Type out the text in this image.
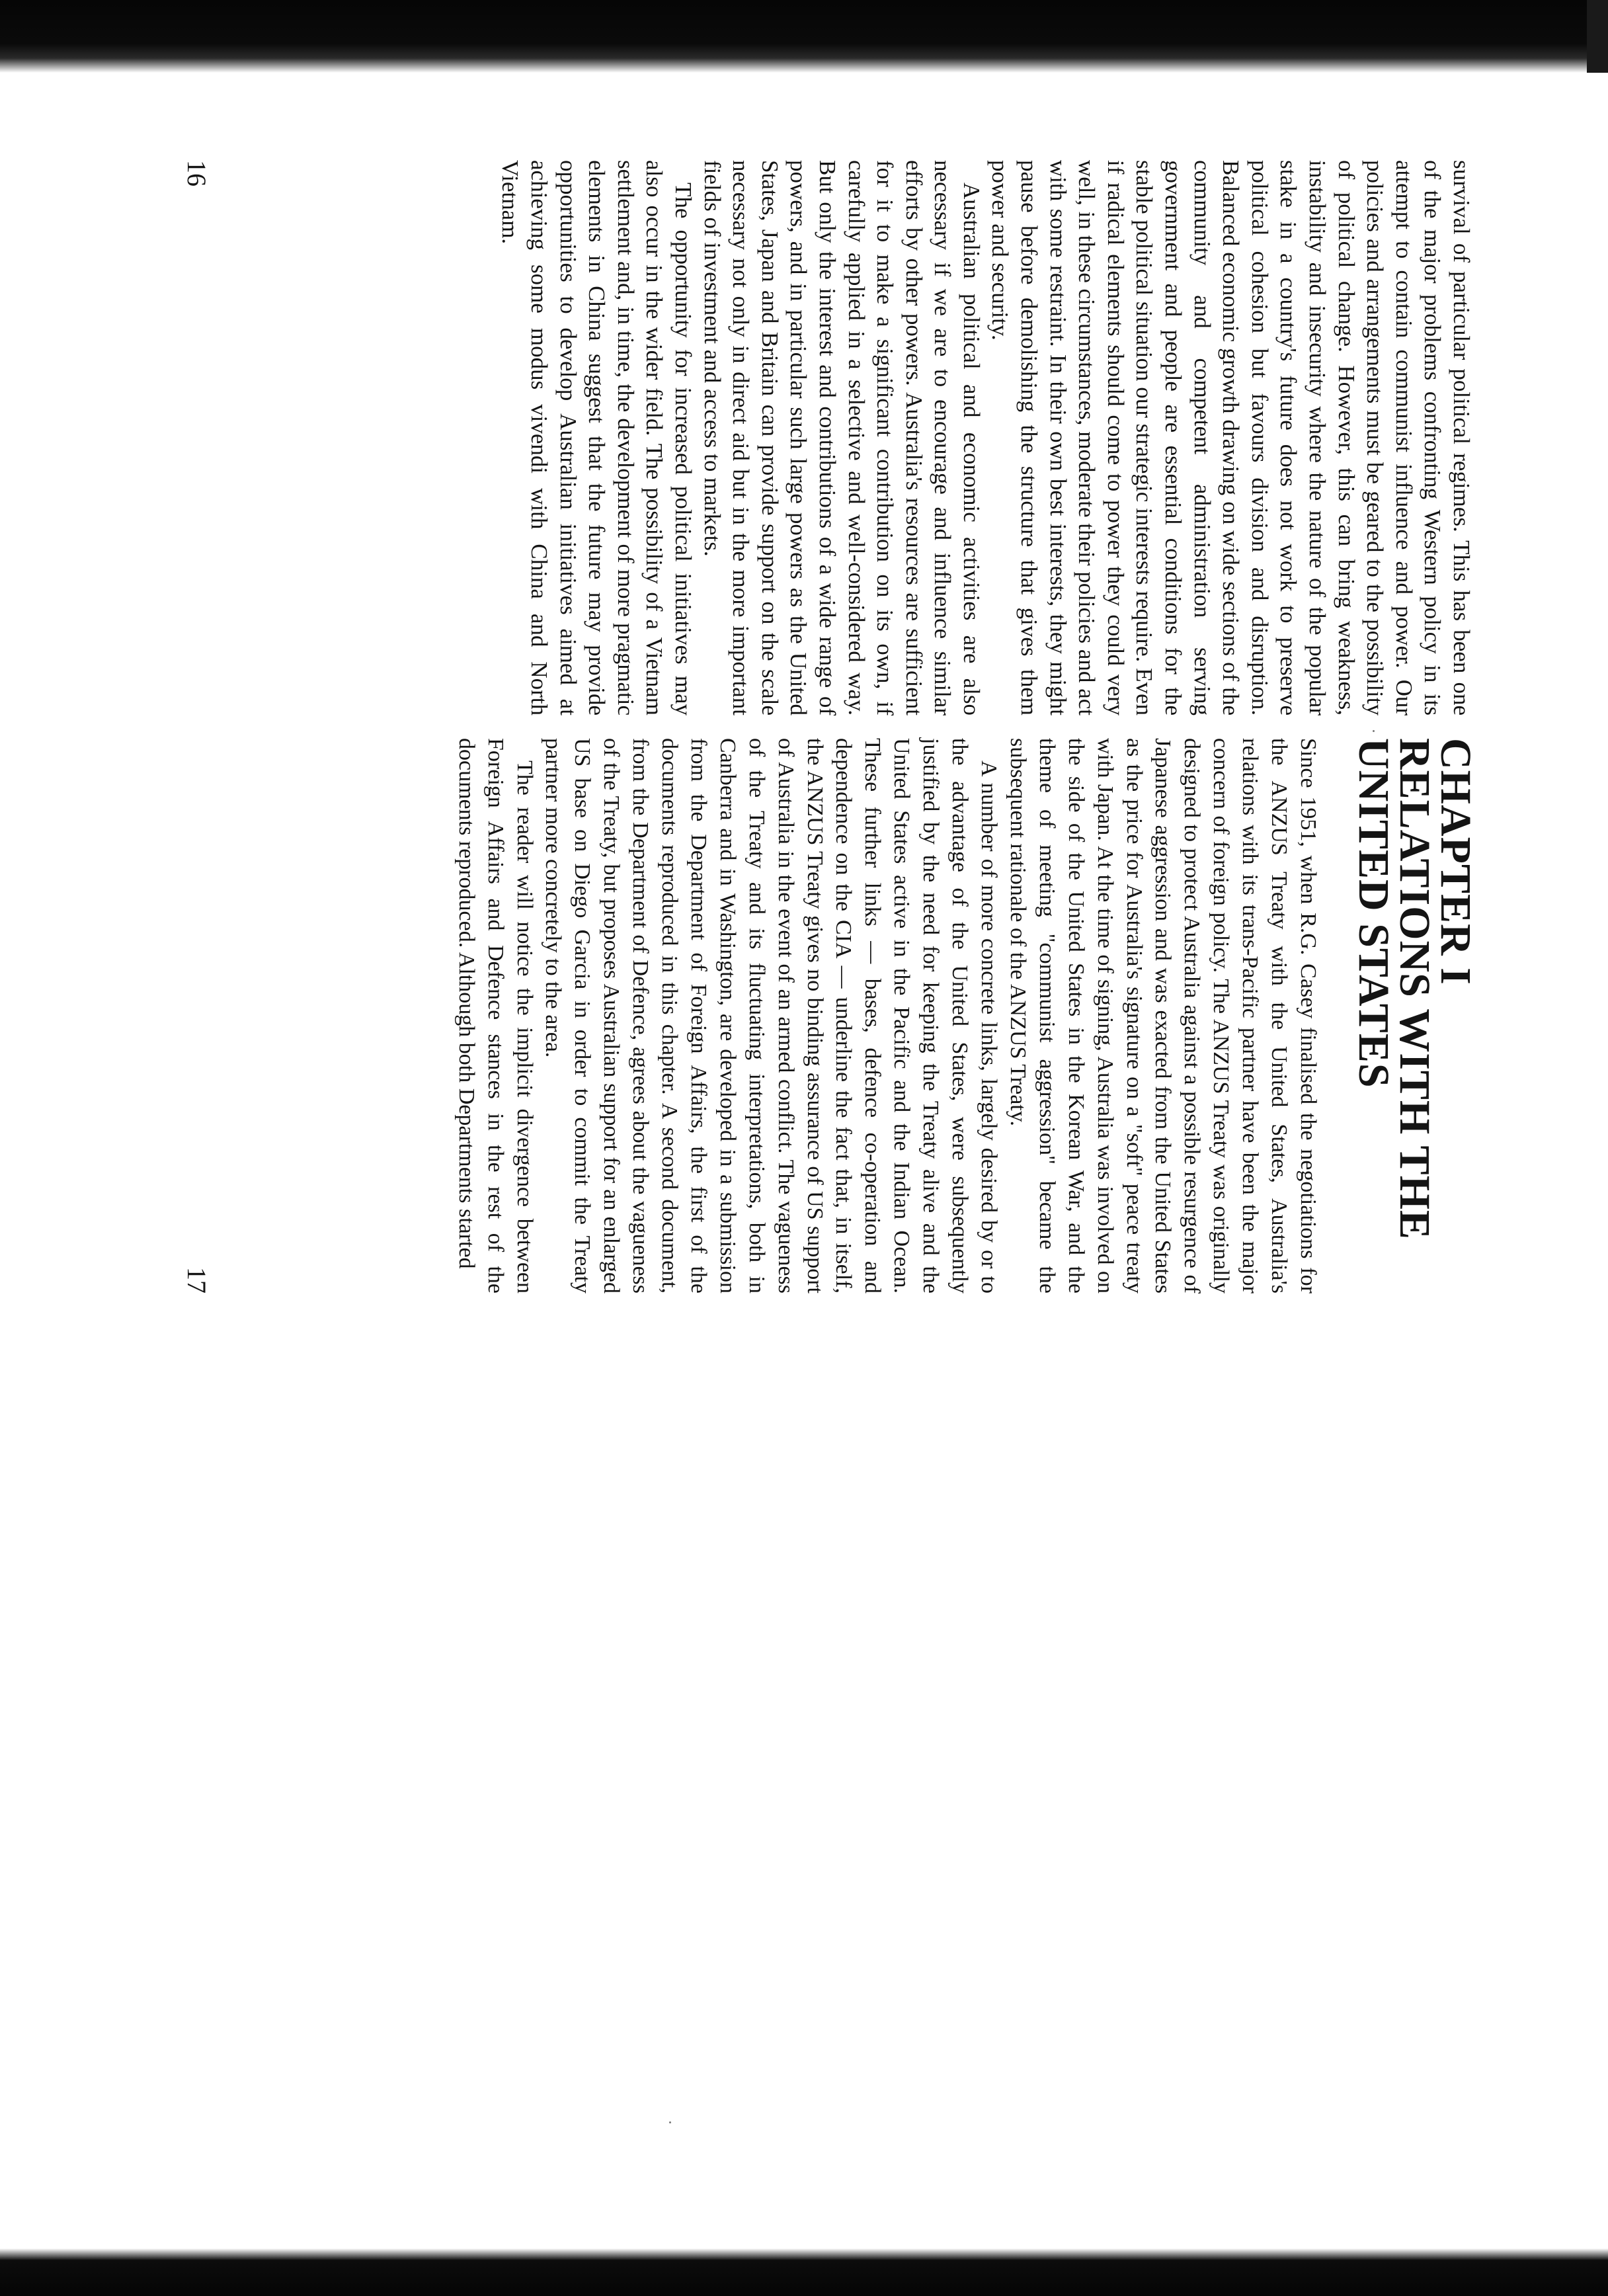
survival of particular political regimes. This has been one of the major problems confronting Western policy in its attempt to contain communist influence and power. Our policies and arrangements must be geared to the possibility of political change. However, this can bring weakness, instability and insecurity where the nature of the popular stake in a country's future does not work to preserve political cohesion but favours division and disruption. Balanced economic growth drawing on wide sections of the community and competent administration serving government and people are essential conditions for the stable political situation our strategic interests require. Even if radical elements should come to power they could very well, in these circumstances, moderate their policies and act with some restraint. In their own best interests, they might pause before demolishing the structure that gives them power and security.

Australian political and economic activities are also necessary if we are to encourage and influence similar efforts by other powers. Australia's resources are sufficient for it to make a significant contribution on its own, if carefully applied in a selective and well-considered way. But only the interest and contributions of a wide range of powers, and in particular such large powers as the United States, Japan and Britain can provide support on the scale necessary not only in direct aid but in the more important fields of investment and access to markets.

The opportunity for increased political initiatives may also occur in the wider field. The possibility of a Vietnam settlement and, in time, the development of more pragmatic elements in China suggest that the future may provide opportunities to develop Australian initiatives aimed at achieving some modus vivendi with China and North Vietnam.

16
CHAPTER I
RELATIONS WITH THE UNITED STATES

Since 1951, when R.G. Casey finalised the negotiations for the ANZUS Treaty with the United States, Australia's relations with its trans-Pacific partner have been the major concern of foreign policy. The ANZUS Treaty was originally designed to protect Australia against a possible resurgence of Japanese aggression and was exacted from the United States as the price for Australia's signature on a "soft" peace treaty with Japan. At the time of signing, Australia was involved on the side of the United States in the Korean War, and the theme of meeting "communist aggression" became the subsequent rationale of the ANZUS Treaty.

A number of more concrete links, largely desired by or to the advantage of the United States, were subsequently justified by the need for keeping the Treaty alive and the United States active in the Pacific and the Indian Ocean. These further links — bases, defence co-operation and dependence on the CIA — underline the fact that, in itself, the ANZUS Treaty gives no binding assurance of US support of Australia in the event of an armed conflict. The vagueness of the Treaty and its fluctuating interpretations, both in Canberra and in Washington, are developed in a submission from the Department of Foreign Affairs, the first of the documents reproduced in this chapter. A second document, from the Department of Defence, agrees about the vagueness of the Treaty, but proposes Australian support for an enlarged US base on Diego Garcia in order to commit the Treaty partner more concretely to the area.

The reader will notice the implicit divergence between Foreign Affairs and Defence stances in the rest of the documents reproduced. Although both Departments started

17
